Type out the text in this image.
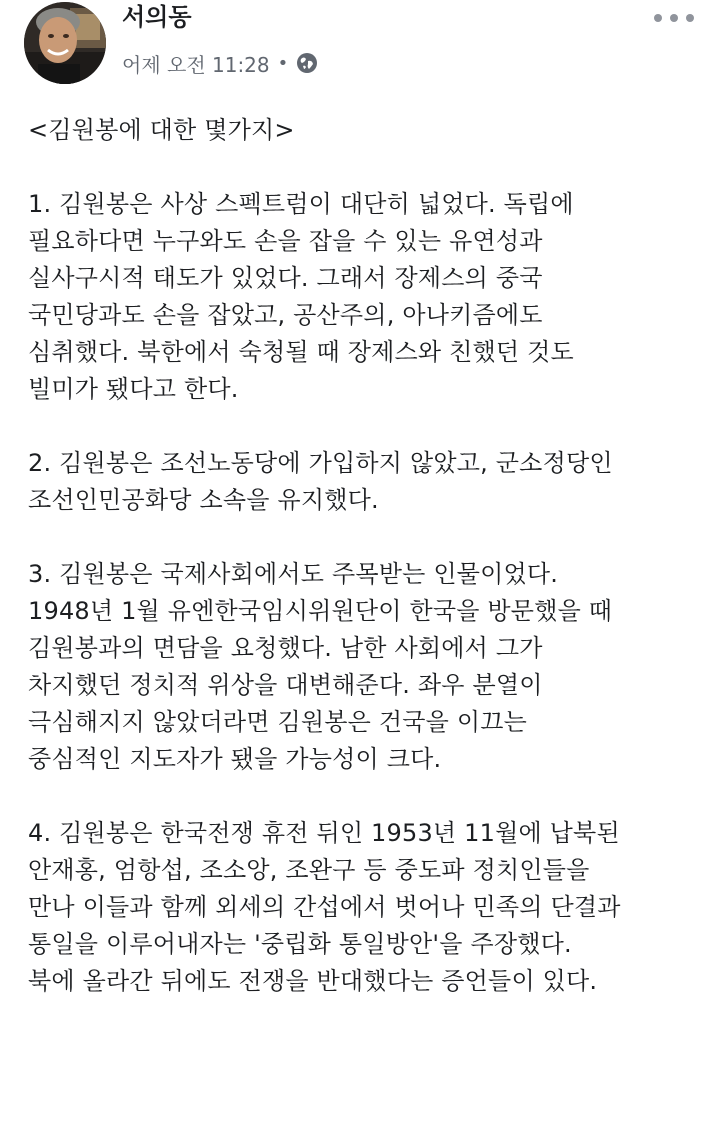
서의동
어제 오전 11:28 •
<김원봉에 대한 몇가지>
1. 김원봉은 사상 스펙트럼이 대단히 넓었다. 독립에
필요하다면 누구와도 손을 잡을 수 있는 유연성과
실사구시적 태도가 있었다. 그래서 장제스의 중국
국민당과도 손을 잡았고, 공산주의, 아나키즘에도
심취했다. 북한에서 숙청될 때 장제스와 친했던 것도
빌미가 됐다고 한다.
2. 김원봉은 조선노동당에 가입하지 않았고, 군소정당인
조선인민공화당 소속을 유지했다.
3. 김원봉은 국제사회에서도 주목받는 인물이었다.
1948년 1월 유엔한국임시위원단이 한국을 방문했을 때
김원봉과의 면담을 요청했다. 남한 사회에서 그가
차지했던 정치적 위상을 대변해준다. 좌우 분열이
극심해지지 않았더라면 김원봉은 건국을 이끄는
중심적인 지도자가 됐을 가능성이 크다.
4. 김원봉은 한국전쟁 휴전 뒤인 1953년 11월에 납북된
안재홍, 엄항섭, 조소앙, 조완구 등 중도파 정치인들을
만나 이들과 함께 외세의 간섭에서 벗어나 민족의 단결과
통일을 이루어내자는 '중립화 통일방안'을 주장했다.
북에 올라간 뒤에도 전쟁을 반대했다는 증언들이 있다.
